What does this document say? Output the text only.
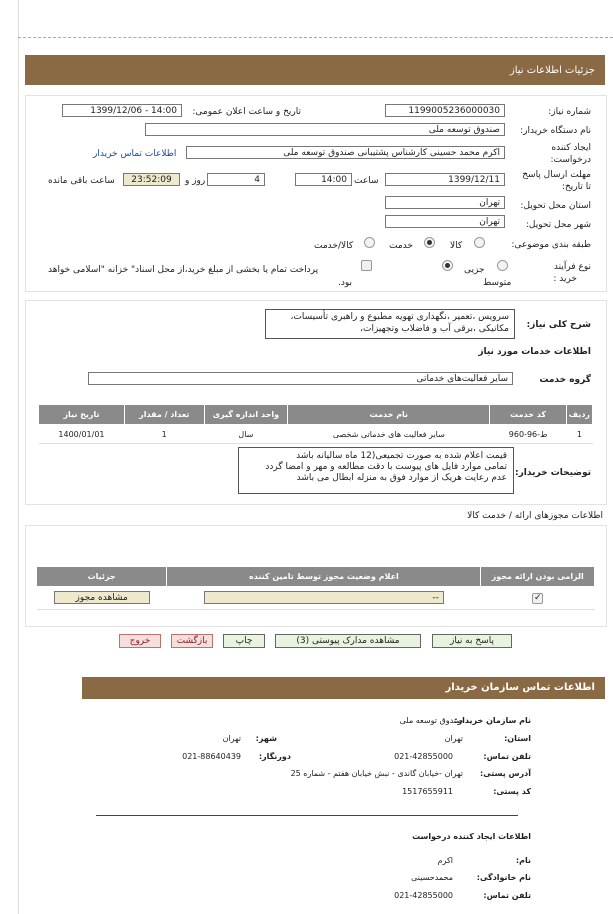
جزئیات اطلاعات نیاز
شماره نیاز:
1199005236000030
تاریخ و ساعت اعلان عمومی:
1399/12/06 - 14:00
نام دستگاه خریدار:
صندوق توسعه ملی
ایجاد کننده
درخواست:
اکرم محمد حسینی کارشناس پشتیبانی صندوق توسعه ملی
اطلاعات تماس خریدار
مهلت ارسال پاسخ
تا تاریخ:
1399/12/11
ساعت
14:00
4
روز و
23:52:09
ساعت باقی مانده
استان محل تحویل:
تهران
شهر محل تحویل:
تهران
طبقه بندی موضوعی:
کالا
خدمت
کالا/خدمت
نوع فرآیند
خرید :
جزیی
متوسط
پرداخت تمام یا بخشی از مبلغ خرید،از محل اسناد" خزانه "اسلامی خواهد
بود.
شرح کلی نیاز:
سرویس ،تعمیر ،نگهداری تهویه مطبوع و راهبری تأسیسات،
مکانیکی ،برقی آب و فاضلاب وتجهیزات،
اطلاعات خدمات مورد نیاز
گروه خدمت
سایر فعالیت‌های خدماتی
ردیف	کد خدمت	نام خدمت	واحد اندازه گیری	تعداد / مقدار	تاریخ نیاز
1	ط-96-960	سایر فعالیت های خدماتی شخصی	سال	1	1400/01/01
توضیحات خریدار:
قیمت اعلام شده به صورت تجمیعی(12 ماه سالیانه باشد
تمامی موارد فایل های پیوست با دقت مطالعه و مهر و امضا گردد
عدم رعایت هریک از موارد فوق به منزله ابطال می باشد
اطلاعات مجوزهای ارائه / خدمت کالا
الزامی بودن ارائه مجوز	اعلام وضعیت مجوز توسط تامین کننده	جزئیات
✓	--	مشاهده مجوز
پاسخ به نیاز
مشاهده مدارک پیوستی (3)
چاپ
بازگشت
خروج
اطلاعات تماس سازمان خریدار
نام سازمان خریدار:
صندوق توسعه ملی
استان:
تهران
شهر:
تهران
تلفن تماس:
021-42855000
دورنگار:
021-88640439
آدرس پستی:
تهران -خیابان گاندی - نبش خیابان هفتم - شماره 25
کد پستی:
1517655911
اطلاعات ایجاد کننده درخواست
نام:
اکرم
نام خانوادگی:
محمدحسینی
تلفن تماس:
021-42855000
